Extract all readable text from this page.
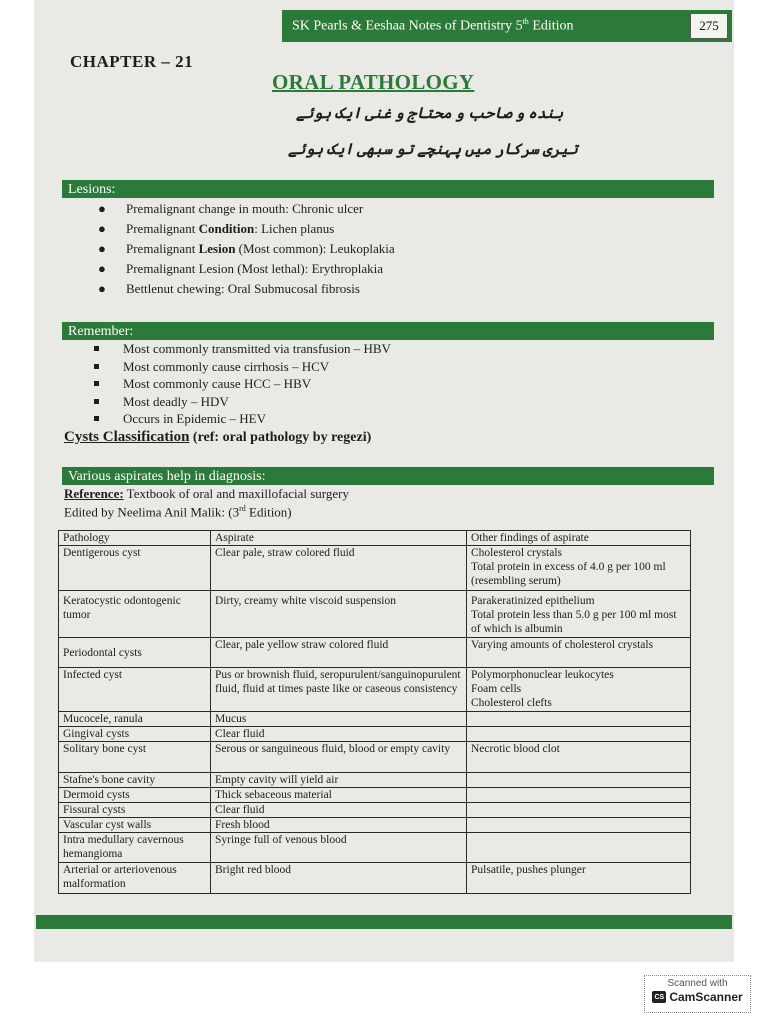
SK Pearls & Eeshaa Notes of Dentistry 5th Edition	275
CHAPTER – 21
ORAL PATHOLOGY
بندہ و صاحب و محتاج و غنی ایک ہوئے
تیری سرکار میں پہنچے تو سبھی ایک ہوئے
Lesions:
● Premalignant change in mouth: Chronic ulcer
● Premalignant Condition: Lichen planus
● Premalignant Lesion (Most common): Leukoplakia
● Premalignant Lesion (Most lethal): Erythroplakia
● Bettlenut chewing: Oral Submucosal fibrosis
Remember:
Most commonly transmitted via transfusion – HBV
Most commonly cause cirrhosis – HCV
Most commonly cause HCC – HBV
Most deadly – HDV
Occurs in Epidemic – HEV
Cysts Classification (ref: oral pathology by regezi)
Various aspirates help in diagnosis:
Reference: Textbook of oral and maxillofacial surgery
Edited by Neelima Anil Malik: (3rd Edition)
Pathology	Aspirate	Other findings of aspirate
Dentigerous cyst	Clear pale, straw colored fluid	Cholesterol crystals
Total protein in excess of 4.0 g per 100 ml (resembling serum)
Keratocystic odontogenic tumor	Dirty, creamy white viscoid suspension	Parakeratinized epithelium
Total protein less than 5.0 g per 100 ml most of which is albumin
Periodontal cysts	Clear, pale yellow straw colored fluid	Varying amounts of cholesterol crystals
Infected cyst	Pus or brownish fluid, seropurulent/sanguinopurulent fluid, fluid at times paste like or caseous consistency	Polymorphonuclear leukocytes
Foam cells
Cholesterol clefts
Mucocele, ranula	Mucus	
Gingival cysts	Clear fluid	
Solitary bone cyst	Serous or sanguineous fluid, blood or empty cavity	Necrotic blood clot
Stafne's bone cavity	Empty cavity will yield air	
Dermoid cysts	Thick sebaceous material	
Fissural cysts	Clear fluid	
Vascular cyst walls	Fresh blood	
Intra medullary cavernous hemangioma	Syringe full of venous blood	
Arterial or arteriovenous malformation	Bright red blood	Pulsatile, pushes plunger
Scanned with
CS CamScanner
